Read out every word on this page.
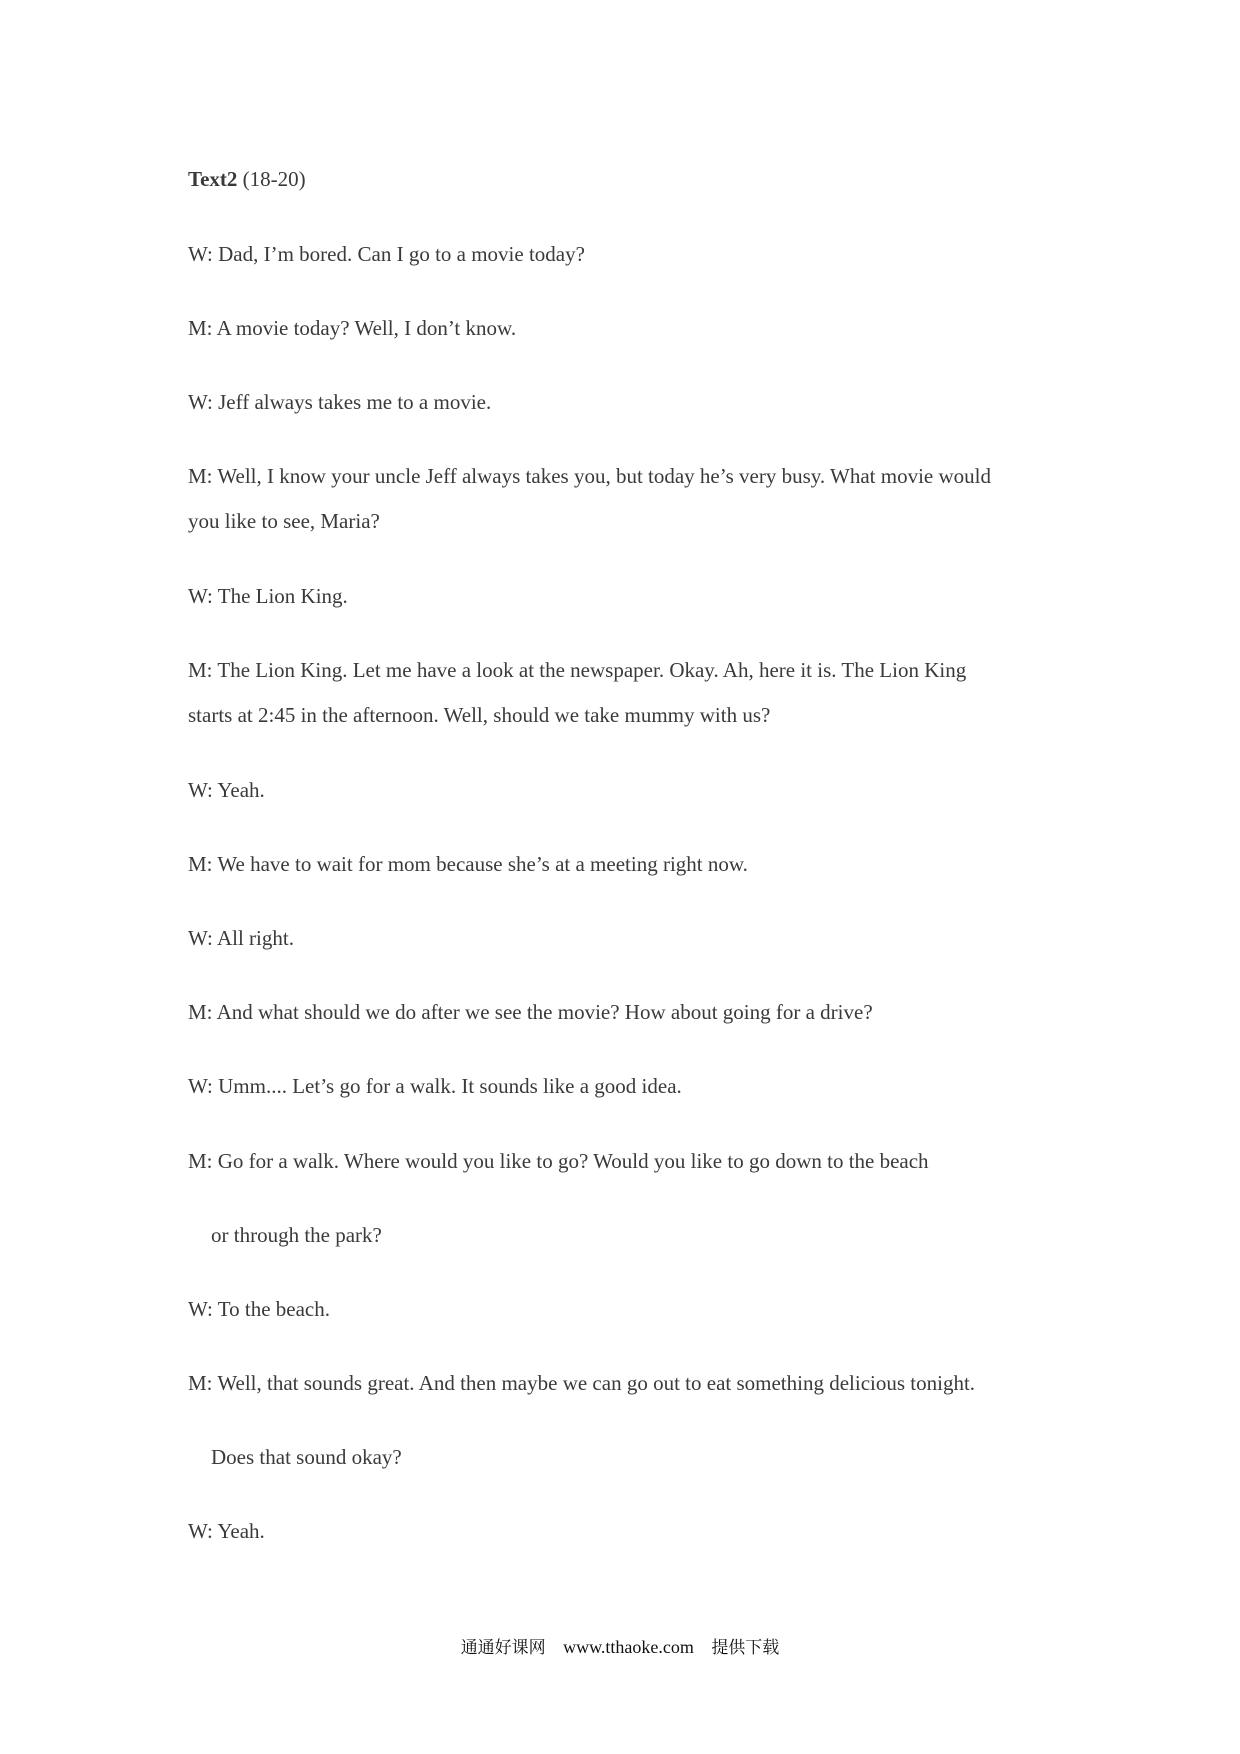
Text2 (18-20)
W: Dad, I’m bored. Can I go to a movie today?
M: A movie today? Well, I don’t know.
W: Jeff always takes me to a movie.
M: Well, I know your uncle Jeff always takes you, but today he’s very busy. What movie would
you like to see, Maria?
W: The Lion King.
M: The Lion King. Let me have a look at the newspaper. Okay. Ah, here it is. The Lion King
starts at 2:45 in the afternoon. Well, should we take mummy with us?
W: Yeah.
M: We have to wait for mom because she’s at a meeting right now.
W: All right.
M: And what should we do after we see the movie? How about going for a drive?
W: Umm.... Let’s go for a walk. It sounds like a good idea.
M: Go for a walk. Where would you like to go? Would you like to go down to the beach
or through the park?
W: To the beach.
M: Well, that sounds great. And then maybe we can go out to eat something delicious tonight.
Does that sound okay?
W: Yeah.
通通好课网 www.tthaoke.com 提供下载
